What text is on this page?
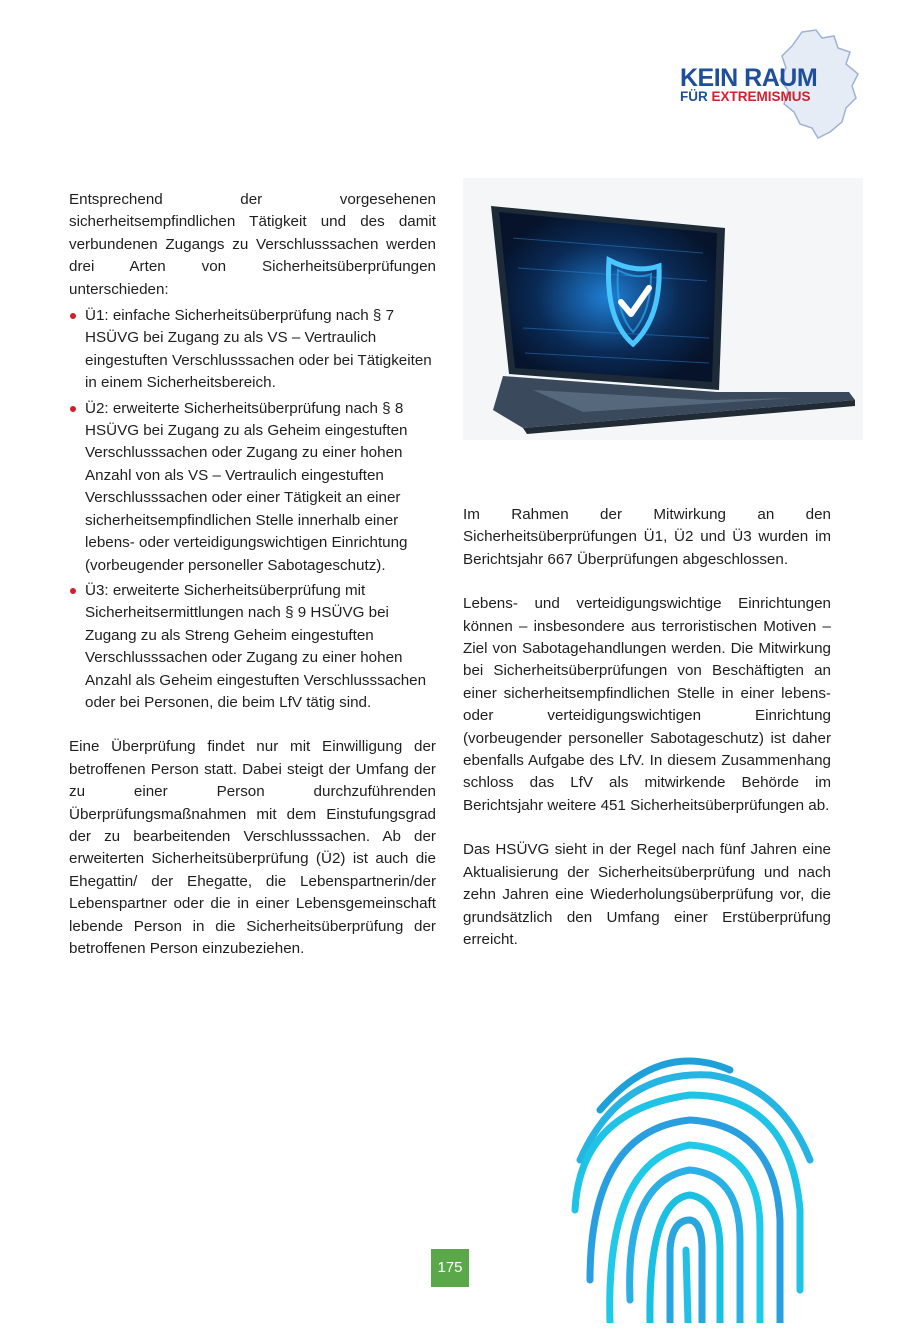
KEIN RAUM
FÜR EXTREMISMUS

Entsprechend der vorgesehenen sicherheitsempfindlichen Tätigkeit und des damit verbundenen Zugangs zu Verschlusssachen werden drei Arten von Sicherheitsüberprüfungen unterschieden:

Ü1: einfache Sicherheitsüberprüfung nach § 7 HSÜVG bei Zugang zu als VS – Vertraulich eingestuften Verschlusssachen oder bei Tätigkeiten in einem Sicherheitsbereich.
Ü2: erweiterte Sicherheitsüberprüfung nach § 8 HSÜVG bei Zugang zu als Geheim eingestuften Verschlusssachen oder Zugang zu einer hohen Anzahl von als VS – Vertraulich eingestuften Verschlusssachen oder einer Tätigkeit an einer sicherheitsempfindlichen Stelle innerhalb einer lebens- oder verteidigungswichtigen Einrichtung (vorbeugender personeller Sabotageschutz).
Ü3: erweiterte Sicherheitsüberprüfung mit Sicherheitsermittlungen nach § 9 HSÜVG bei Zugang zu als Streng Geheim eingestuften Verschlusssachen oder Zugang zu einer hohen Anzahl als Geheim eingestuften Verschlusssachen oder bei Personen, die beim LfV tätig sind.

Eine Überprüfung findet nur mit Einwilligung der betroffenen Person statt. Dabei steigt der Umfang der zu einer Person durchzuführenden Überprüfungsmaßnahmen mit dem Einstufungsgrad der zu bearbeitenden Verschlusssachen. Ab der erweiterten Sicherheitsüberprüfung (Ü2) ist auch die Ehegattin/ der Ehegatte, die Lebenspartnerin/der Lebenspartner oder die in einer Lebensgemeinschaft lebende Person in die Sicherheitsüberprüfung der betroffenen Person einzubeziehen.

Im Rahmen der Mitwirkung an den Sicherheitsüberprüfungen Ü1, Ü2 und Ü3 wurden im Berichtsjahr 667 Überprüfungen abgeschlossen.

Lebens- und verteidigungswichtige Einrichtungen können – insbesondere aus terroristischen Motiven – Ziel von Sabotagehandlungen werden. Die Mitwirkung bei Sicherheitsüberprüfungen von Beschäftigten an einer sicherheitsempfindlichen Stelle in einer lebens- oder verteidigungswichtigen Einrichtung (vorbeugender personeller Sabotageschutz) ist daher ebenfalls Aufgabe des LfV. In diesem Zusammenhang schloss das LfV als mitwirkende Behörde im Berichtsjahr weitere 451 Sicherheitsüberprüfungen ab.

Das HSÜVG sieht in der Regel nach fünf Jahren eine Aktualisierung der Sicherheitsüberprüfung und nach zehn Jahren eine Wiederholungsüberprüfung vor, die grundsätzlich den Umfang einer Erstüberprüfung erreicht.

175
